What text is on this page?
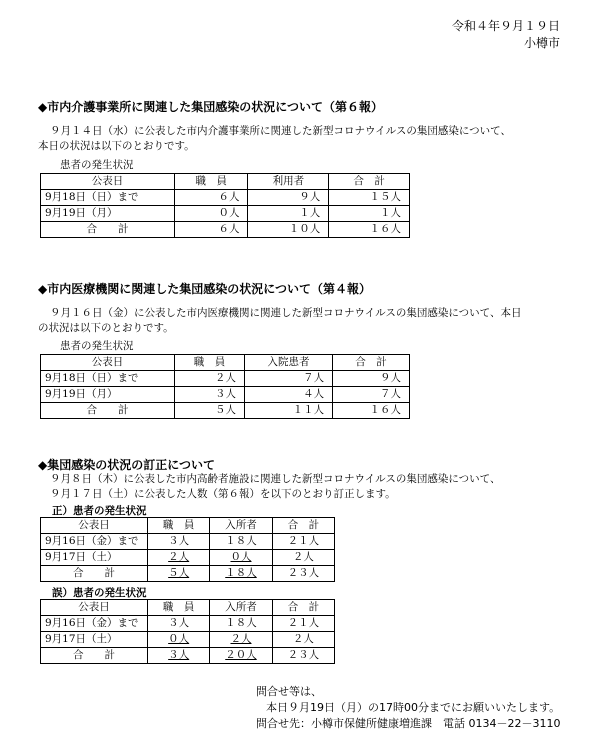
令和４年９月１９日
小樽市
◆市内介護事業所に関連した集団感染の状況について（第６報）
９月１４日（水）に公表した市内介護事業所に関連した新型コロナウイルスの集団感染について、
本日の状況は以下のとおりです。
患者の発生状況
公表日	職　員	利用者	合　計
9月18日（日）まで	６人	９人	１５人
9月19日（月）	０人	１人	１人
合　　計	６人	１０人	１６人
◆市内医療機関に関連した集団感染の状況について（第４報）
９月１６日（金）に公表した市内医療機関に関連した新型コロナウイルスの集団感染について、本日
の状況は以下のとおりです。
患者の発生状況
公表日	職　員	入院患者	合　計
9月18日（日）まで	２人	７人	９人
9月19日（月）	３人	４人	７人
合　　計	５人	１１人	１６人
◆集団感染の状況の訂正について
９月８日（木）に公表した市内高齢者施設に関連した新型コロナウイルスの集団感染について、
９月１７日（土）に公表した人数（第６報）を以下のとおり訂正します。
正）患者の発生状況
公表日	職　員	入所者	合　計
9月16日（金）まで	３人	１８人	２１人
9月17日（土）	２人	０人	２人
合　　計	５人	１８人	２３人
誤）患者の発生状況
公表日	職　員	入所者	合　計
9月16日（金）まで	３人	１８人	２１人
9月17日（土）	０人	２人	２人
合　　計	３人	２０人	２３人
問合せ等は、
本日９月19日（月）の17時00分までにお願いいたします。
問合せ先：小樽市保健所健康増進課　電話 0134－22－3110
